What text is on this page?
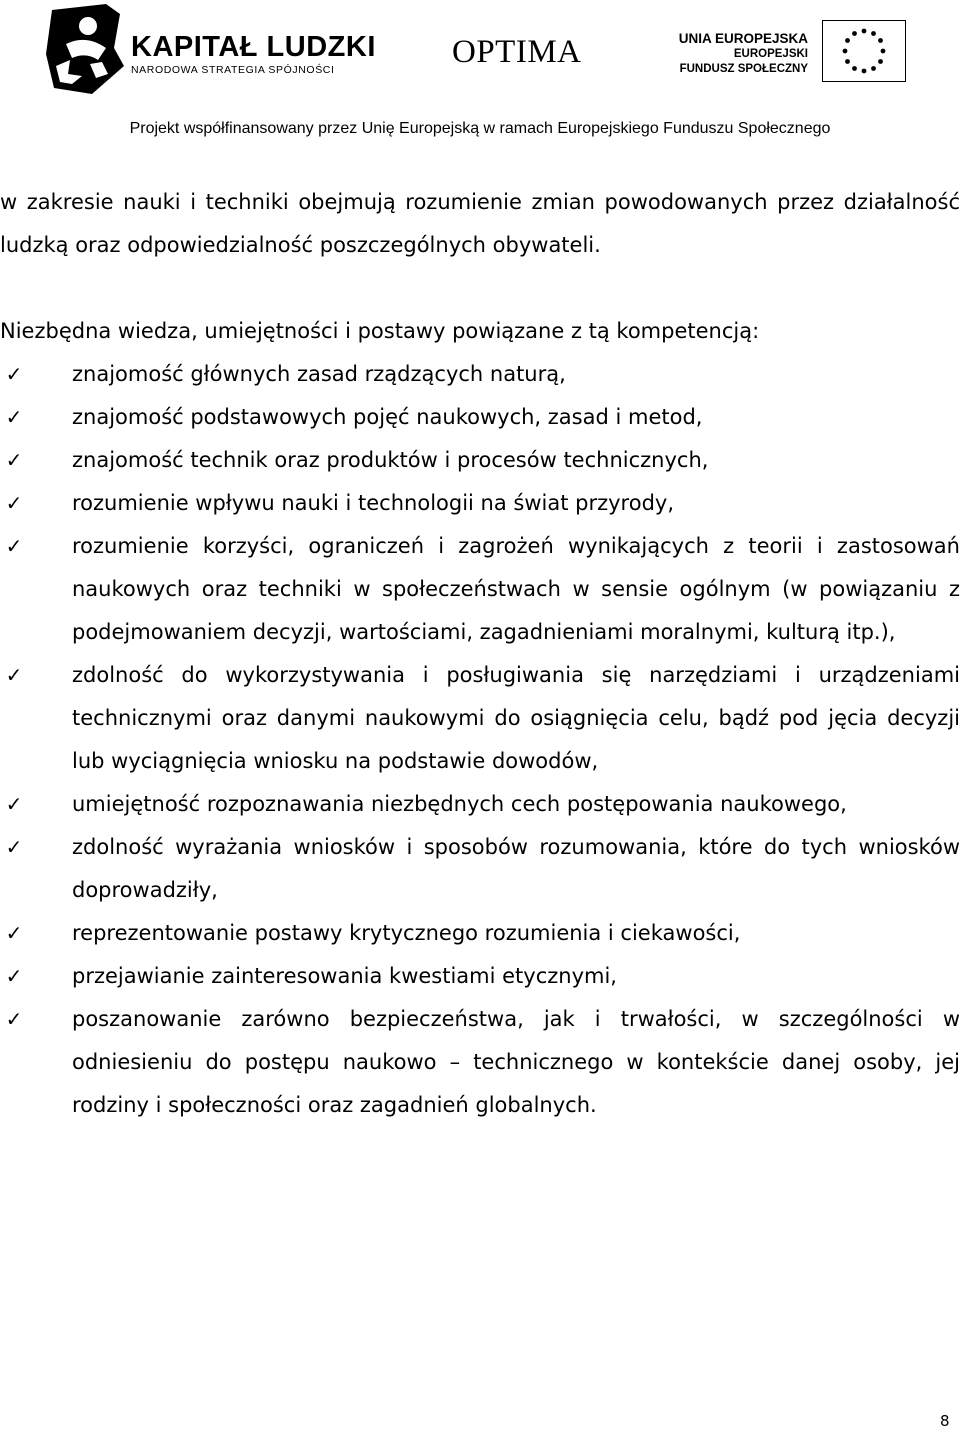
KAPITAŁ LUDZKI
NARODOWA STRATEGIA SPÓJNOŚCI	OPTIMA	UNIA EUROPEJSKA
EUROPEJSKI
FUNDUSZ SPOŁECZNY
Projekt współfinansowany przez Unię Europejską w ramach Europejskiego Funduszu Społecznego

w zakresie nauki i techniki obejmują rozumienie zmian powodowanych przez działalność ludzką oraz odpowiedzialność poszczególnych obywateli.

Niezbędna wiedza, umiejętności i postawy powiązane z tą kompetencją:

✓ znajomość głównych zasad rządzących naturą,
✓ znajomość podstawowych pojęć naukowych, zasad i metod,
✓ znajomość technik oraz produktów i procesów technicznych,
✓ rozumienie wpływu nauki i technologii na świat przyrody,
✓ rozumienie korzyści, ograniczeń i zagrożeń wynikających z teorii i zastosowań naukowych oraz techniki w społeczeństwach w sensie ogólnym (w powiązaniu z podejmowaniem decyzji, wartościami, zagadnieniami moralnymi, kulturą itp.),
✓ zdolność do wykorzystywania i posługiwania się narzędziami i urządzeniami technicznymi oraz danymi naukowymi do osiągnięcia celu, bądź pod jęcia decyzji lub wyciągnięcia wniosku na podstawie dowodów,
✓ umiejętność rozpoznawania niezbędnych cech postępowania naukowego,
✓ zdolność wyrażania wniosków i sposobów rozumowania, które do tych wniosków doprowadziły,
✓ reprezentowanie postawy krytycznego rozumienia i ciekawości,
✓ przejawianie zainteresowania kwestiami etycznymi,
✓ poszanowanie zarówno bezpieczeństwa, jak i trwałości, w szczególności w odniesieniu do postępu naukowo – technicznego w kontekście danej osoby, jej rodziny i społeczności oraz zagadnień globalnych.
8
